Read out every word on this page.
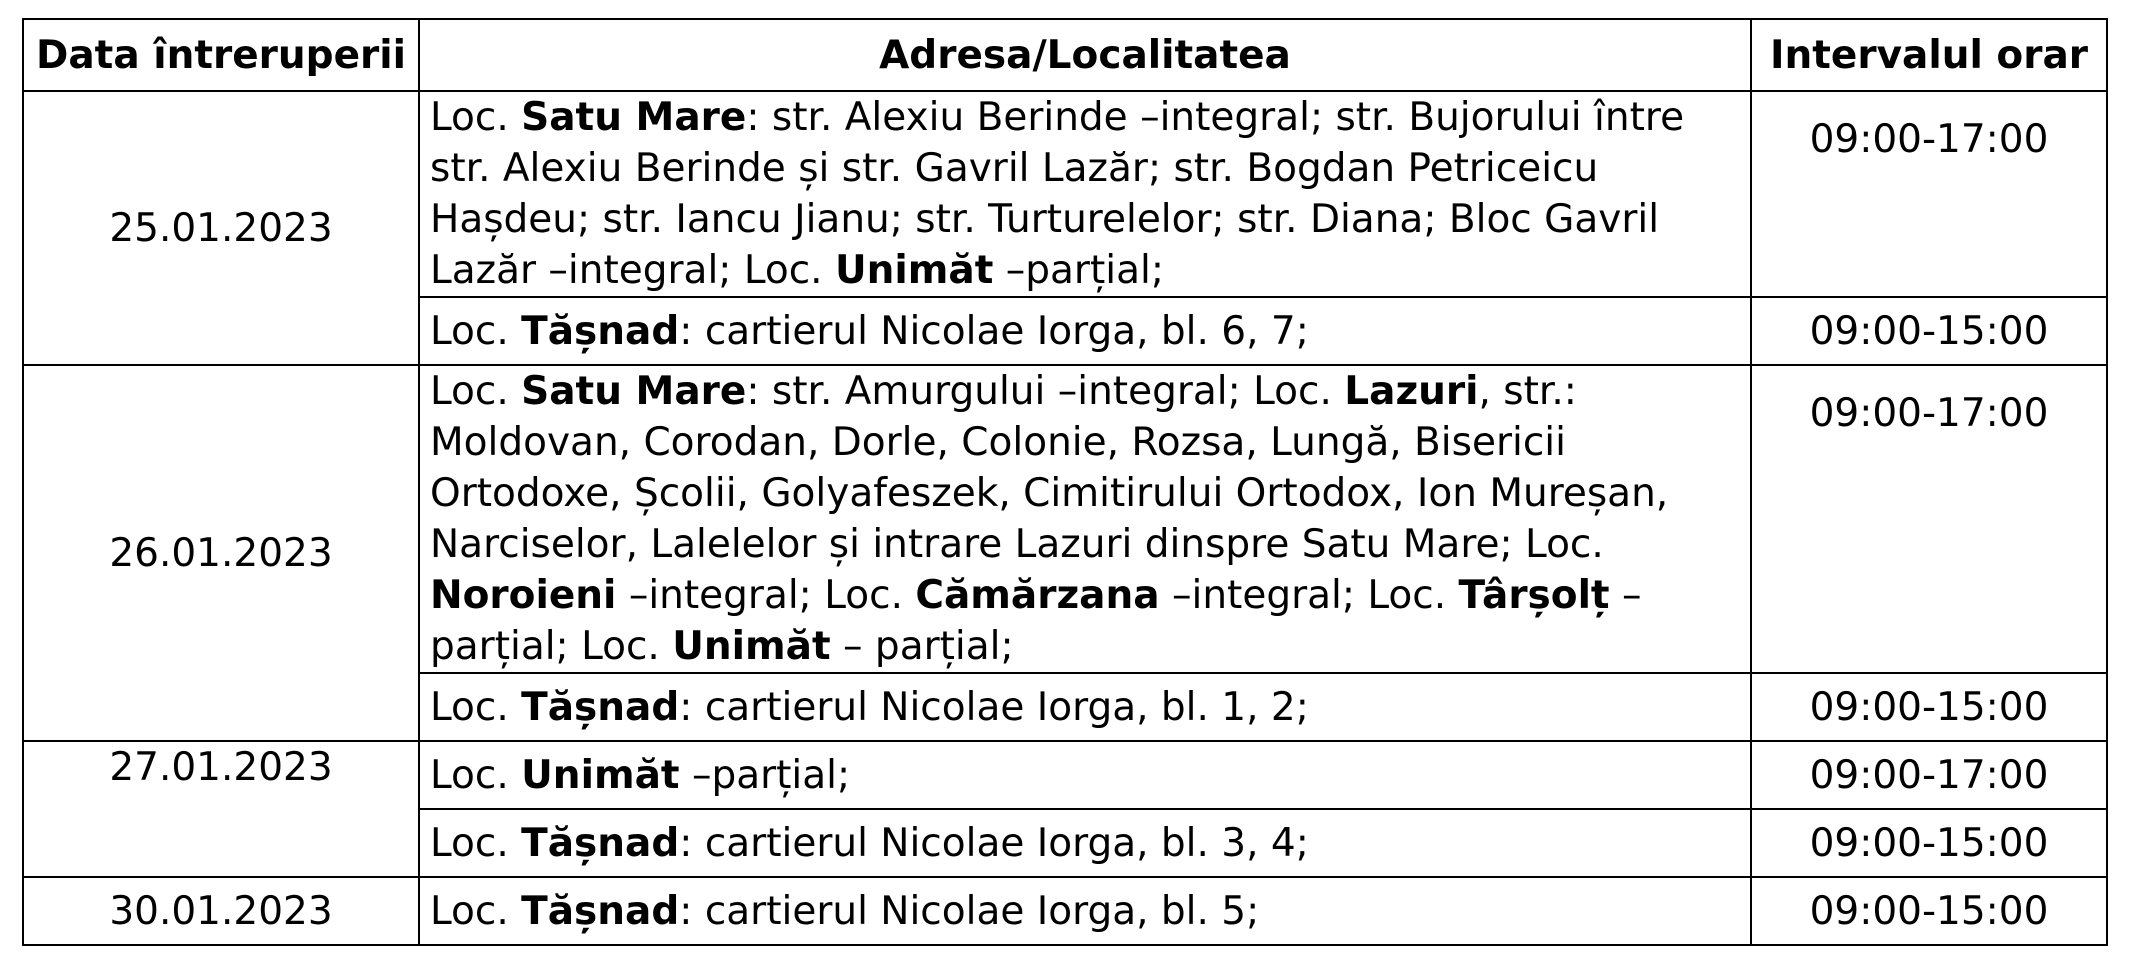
Data întreruperii	Adresa/Localitatea	Intervalul orar
25.01.2023	Loc. Satu Mare: str. Alexiu Berinde –integral; str. Bujorului între str. Alexiu Berinde și str. Gavril Lazăr; str. Bogdan Petriceicu Hașdeu; str. Iancu Jianu; str. Turturelelor; str. Diana; Bloc Gavril Lazăr –integral; Loc. Unimăt –parțial;	09:00-17:00
	Loc. Tășnad: cartierul Nicolae Iorga, bl. 6, 7;	09:00-15:00
26.01.2023	Loc. Satu Mare: str. Amurgului –integral; Loc. Lazuri, str.: Moldovan, Corodan, Dorle, Colonie, Rozsa, Lungă, Bisericii Ortodoxe, Școlii, Golyafeszek, Cimitirului Ortodox, Ion Mureșan, Narciselor, Lalelelor și intrare Lazuri dinspre Satu Mare; Loc. Noroieni –integral; Loc. Cămărzana –integral; Loc. Târșolț –parțial; Loc. Unimăt – parțial;	09:00-17:00
	Loc. Tășnad: cartierul Nicolae Iorga, bl. 1, 2;	09:00-15:00
27.01.2023	Loc. Unimăt –parțial;	09:00-17:00
	Loc. Tășnad: cartierul Nicolae Iorga, bl. 3, 4;	09:00-15:00
30.01.2023	Loc. Tășnad: cartierul Nicolae Iorga, bl. 5;	09:00-15:00
